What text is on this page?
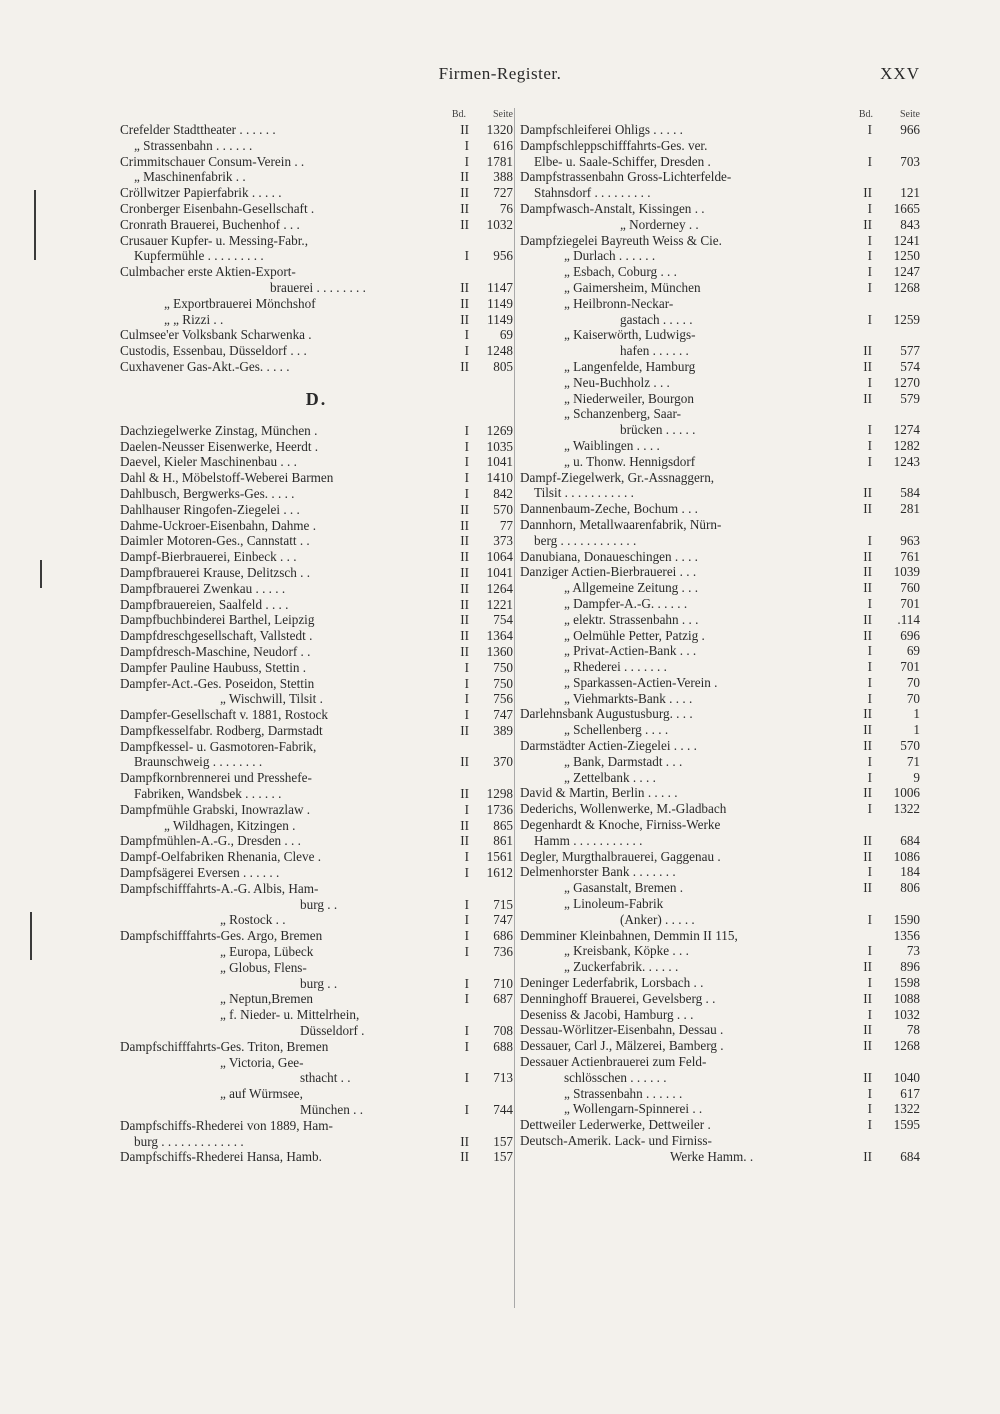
Firmen-Register.	XXV
Bd.	Seite
Crefelder Stadttheater . . . . . .	II	1320
„ Strassenbahn . . . . . .	I	616
Crimmitschauer Consum-Verein . .	I	1781
„ Maschinenfabrik . .	II	388
Cröllwitzer Papierfabrik . . . . .	II	727
Cronberger Eisenbahn-Gesellschaft .	II	76
Cronrath Brauerei, Buchenhof . . .	II	1032
Crusauer Kupfer- u. Messing-Fabr.,
Kupfermühle . . . . . . . . .	I	956
Culmbacher erste Aktien-Export-
brauerei . . . . . . . .	II	1147
„ Exportbrauerei Mönchshof	II	1149
„ „ Rizzi . .	II	1149
Culmsee'er Volksbank Scharwenka .	I	69
Custodis, Essenbau, Düsseldorf . . .	I	1248
Cuxhavener Gas-Akt.-Ges. . . . .	II	805
D.
Dachziegelwerke Zinstag, München .	I	1269
Daelen-Neusser Eisenwerke, Heerdt .	I	1035
Daevel, Kieler Maschinenbau . . .	I	1041
Dahl & H., Möbelstoff-Weberei Barmen	I	1410
Dahlbusch, Bergwerks-Ges. . . . .	I	842
Dahlhauser Ringofen-Ziegelei . . .	II	570
Dahme-Uckroer-Eisenbahn, Dahme .	II	77
Daimler Motoren-Ges., Cannstatt . .	II	373
Dampf-Bierbrauerei, Einbeck . . .	II	1064
Dampfbrauerei Krause, Delitzsch . .	II	1041
Dampfbrauerei Zwenkau . . . . .	II	1264
Dampfbrauereien, Saalfeld . . . .	II	1221
Dampfbuchbinderei Barthel, Leipzig	II	754
Dampfdreschgesellschaft, Vallstedt .	II	1364
Dampfdresch-Maschine, Neudorf . .	II	1360
Dampfer Pauline Haubuss, Stettin .	I	750
Dampfer-Act.-Ges. Poseidon, Stettin	I	750
„ Wischwill, Tilsit .	I	756
Dampfer-Gesellschaft v. 1881, Rostock	I	747
Dampfkesselfabr. Rodberg, Darmstadt	II	389
Dampfkessel- u. Gasmotoren-Fabrik,
Braunschweig . . . . . . . .	II	370
Dampfkornbrennerei und Presshefe-
Fabriken, Wandsbek . . . . . .	II	1298
Dampfmühle Grabski, Inowrazlaw .	I	1736
„ Wildhagen, Kitzingen .	II	865
Dampfmühlen-A.-G., Dresden . . .	II	861
Dampf-Oelfabriken Rhenania, Cleve .	I	1561
Dampfsägerei Eversen . . . . . .	I	1612
Dampfschifffahrts-A.-G. Albis, Ham-
burg . .	I	715
„ Rostock . .	I	747
Dampfschifffahrts-Ges. Argo, Bremen	I	686
„ Europa, Lübeck	I	736
„ Globus, Flens-
burg . .	I	710
„ Neptun,Bremen	I	687
„ f. Nieder- u. Mittelrhein,
Düsseldorf .	I	708
Dampfschifffahrts-Ges. Triton, Bremen	I	688
„ Victoria, Gee-
sthacht . .	I	713
„ auf Würmsee,
München . .	I	744
Dampfschiffs-Rhederei von 1889, Ham-
burg . . . . . . . . . . . . .	II	157
Dampfschiffs-Rhederei Hansa, Hamb.	II	157
Bd.	Seite
Dampfschleiferei Ohligs . . . . .	I	966
Dampfschleppschifffahrts-Ges. ver.
Elbe- u. Saale-Schiffer, Dresden .	I	703
Dampfstrassenbahn Gross-Lichterfelde-
Stahnsdorf . . . . . . . . .	II	121
Dampfwasch-Anstalt, Kissingen . .	I	1665
„ Norderney . .	II	843
Dampfziegelei Bayreuth Weiss & Cie.	I	1241
„ Durlach . . . . . .	I	1250
„ Esbach, Coburg . . .	I	1247
„ Gaimersheim, München	I	1268
„ Heilbronn-Neckar-
gastach . . . . .	I	1259
„ Kaiserwörth, Ludwigs-
hafen . . . . . .	II	577
„ Langenfelde, Hamburg	II	574
„ Neu-Buchholz . . .	I	1270
„ Niederweiler, Bourgon	II	579
„ Schanzenberg, Saar-
brücken . . . . .	I	1274
„ Waiblingen . . . .	I	1282
„ u. Thonw. Hennigsdorf	I	1243
Dampf-Ziegelwerk, Gr.-Assnaggern,
Tilsit . . . . . . . . . . .	II	584
Dannenbaum-Zeche, Bochum . . .	II	281
Dannhorn, Metallwaarenfabrik, Nürn-
berg . . . . . . . . . . . .	I	963
Danubiana, Donaueschingen . . . .	II	761
Danziger Actien-Bierbrauerei . . .	II	1039
„ Allgemeine Zeitung . . .	II	760
„ Dampfer-A.-G. . . . . .	I	701
„ elektr. Strassenbahn . . .	II	.114
„ Oelmühle Petter, Patzig .	II	696
„ Privat-Actien-Bank . . .	I	69
„ Rhederei . . . . . . .	I	701
„ Sparkassen-Actien-Verein .	I	70
„ Viehmarkts-Bank . . . .	I	70
Darlehnsbank Augustusburg. . . .	II	1
„ Schellenberg . . . .	II	1
Darmstädter Actien-Ziegelei . . . .	II	570
„ Bank, Darmstadt . . .	I	71
„ Zettelbank . . . .	I	9
David & Martin, Berlin . . . . .	II	1006
Dederichs, Wollenwerke, M.-Gladbach	I	1322
Degenhardt & Knoche, Firniss-Werke
Hamm . . . . . . . . . . .	II	684
Degler, Murgthalbrauerei, Gaggenau .	II	1086
Delmenhorster Bank . . . . . . .	I	184
„ Gasanstalt, Bremen .	II	806
„ Linoleum-Fabrik
(Anker) . . . . .	I	1590
Demminer Kleinbahnen, Demmin II 115,	1356
„ Kreisbank, Köpke . . .	I	73
„ Zuckerfabrik. . . . . .	II	896
Deninger Lederfabrik, Lorsbach . .	I	1598
Denninghoff Brauerei, Gevelsberg . .	II	1088
Deseniss & Jacobi, Hamburg . . .	I	1032
Dessau-Wörlitzer-Eisenbahn, Dessau .	II	78
Dessauer, Carl J., Mälzerei, Bamberg .	II	1268
Dessauer Actienbrauerei zum Feld-
schlösschen . . . . . .	II	1040
„ Strassenbahn . . . . . .	I	617
„ Wollengarn-Spinnerei . .	I	1322
Dettweiler Lederwerke, Dettweiler .	I	1595
Deutsch-Amerik. Lack- und Firniss-
Werke Hamm. .	II	684
